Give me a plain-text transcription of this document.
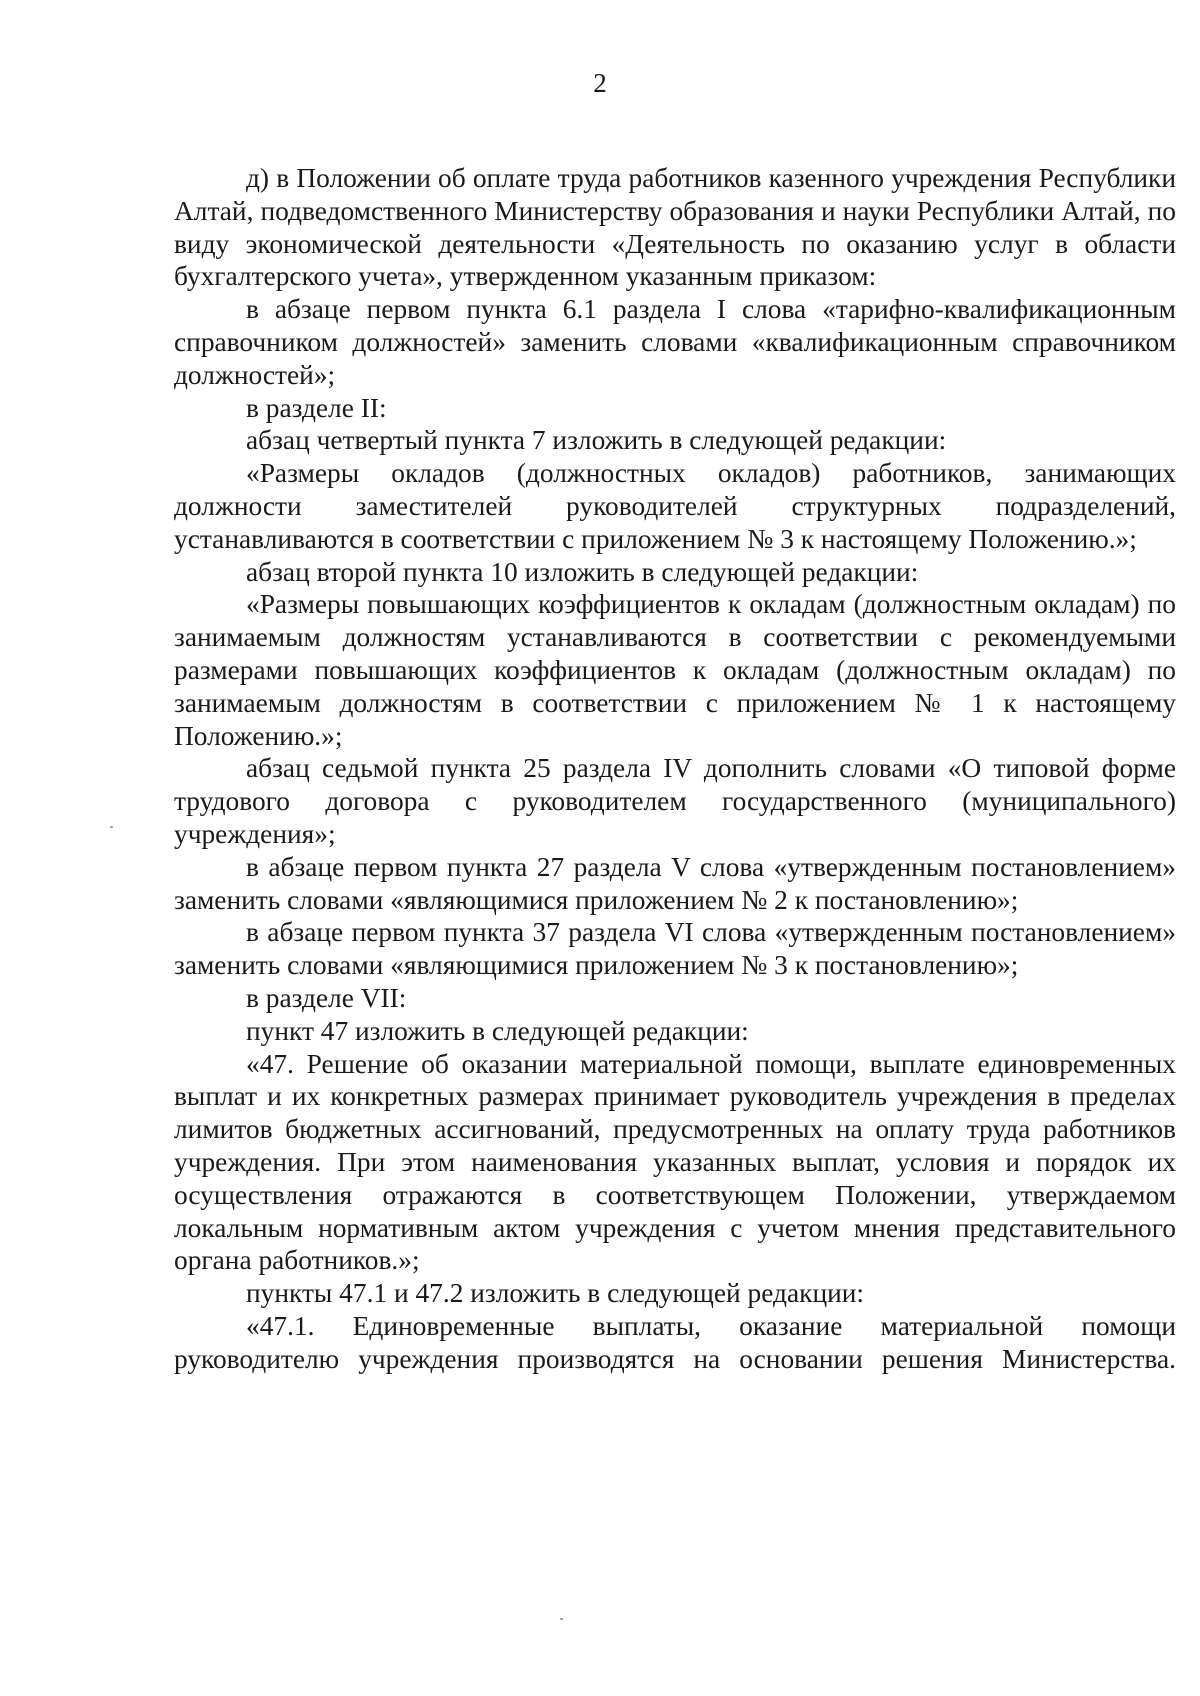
2

д) в Положении об оплате труда работников казенного учреждения Республики Алтай, подведомственного Министерству образования и науки Республики Алтай, по виду экономической деятельности «Деятельность по оказанию услуг в области бухгалтерского учета», утвержденном указанным приказом:

в абзаце первом пункта 6.1 раздела I слова «тарифно-квалификационным справочником должностей» заменить словами «квалификационным справочником должностей»;

в разделе II:

абзац четвертый пункта 7 изложить в следующей редакции:

«Размеры окладов (должностных окладов) работников, занимающих должности заместителей руководителей структурных подразделений, устанавливаются в соответствии с приложением № 3 к настоящему Положению.»;

абзац второй пункта 10 изложить в следующей редакции:

«Размеры повышающих коэффициентов к окладам (должностным окладам) по занимаемым должностям устанавливаются в соответствии с рекомендуемыми размерами повышающих коэффициентов к окладам (должностным окладам) по занимаемым должностям в соответствии с приложением № 1 к настоящему Положению.»;

абзац седьмой пункта 25 раздела IV дополнить словами «О типовой форме трудового договора с руководителем государственного (муниципального) учреждения»;

в абзаце первом пункта 27 раздела V слова «утвержденным постановлением» заменить словами «являющимися приложением № 2 к постановлению»;

в абзаце первом пункта 37 раздела VI слова «утвержденным постановлением» заменить словами «являющимися приложением № 3 к постановлению»;

в разделе VII:

пункт 47 изложить в следующей редакции:

«47. Решение об оказании материальной помощи, выплате единовременных выплат и их конкретных размерах принимает руководитель учреждения в пределах лимитов бюджетных ассигнований, предусмотренных на оплату труда работников учреждения. При этом наименования указанных выплат, условия и порядок их осуществления отражаются в соответствующем Положении, утверждаемом локальным нормативным актом учреждения с учетом мнения представительного органа работников.»;

пункты 47.1 и 47.2 изложить в следующей редакции:

«47.1. Единовременные выплаты, оказание материальной помощи руководителю учреждения производятся на основании решения Министерства.
